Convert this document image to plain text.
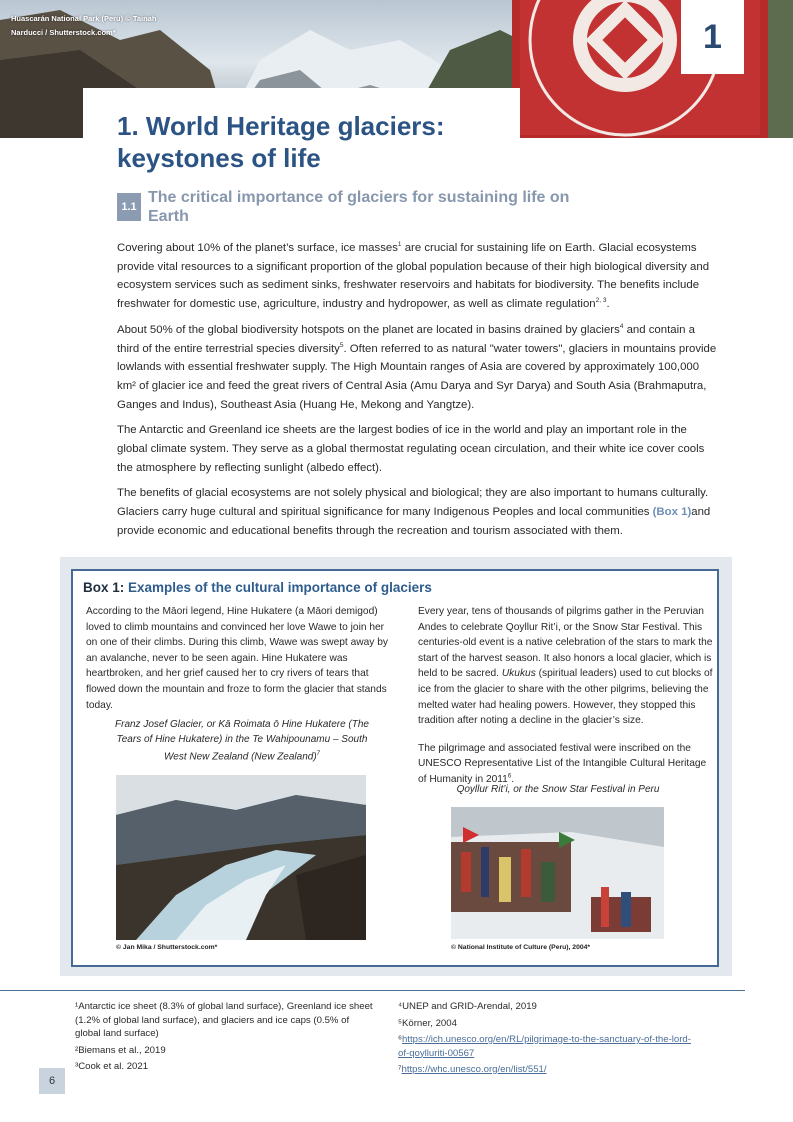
Huascarán National Park (Peru) © Tainah Narducci / Shutterstock.com*	1
1. World Heritage glaciers:
keystones of life
1.1
The critical importance of glaciers for sustaining life on Earth

Covering about 10% of the planet’s surface, ice masses$^1$ are crucial for sustaining life on Earth. Glacial ecosystems provide vital resources to a significant proportion of the global population because of their high biological diversity and ecosystem services such as sediment sinks, freshwater reservoirs and habitats for biodiversity. The benefits include freshwater for domestic use, agriculture, industry and hydropower, as well as climate regulation$^{2, 3}$.

About 50% of the global biodiversity hotspots on the planet are located in basins drained by glaciers$^4$ and contain a third of the entire terrestrial species diversity$^5$. Often referred to as natural "water towers", glaciers in mountains provide lowlands with essential freshwater supply. The High Mountain ranges of Asia are covered by approximately 100,000 km² of glacier ice and feed the great rivers of Central Asia (Amu Darya and Syr Darya) and South Asia (Brahmaputra, Ganges and Indus), Southeast Asia (Huang He, Mekong and Yangtze).

The Antarctic and Greenland ice sheets are the largest bodies of ice in the world and play an important role in the global climate system. They serve as a global thermostat regulating ocean circulation, and their white ice cover cools the atmosphere by reflecting sunlight (albedo effect).

The benefits of glacial ecosystems are not solely physical and biological; they are also important to humans culturally. Glaciers carry huge cultural and spiritual significance for many Indigenous Peoples and local communities (Box 1)and provide economic and educational benefits through the recreation and tourism associated with them.

Box 1: Examples of the cultural importance of glaciers
According to the Māori legend, Hine Hukatere (a Māori demigod) loved to climb mountains and convinced her love Wawe to join her on one of their climbs. During this climb, Wawe was swept away by an avalanche, never to be seen again. Hine Hukatere was heartbroken, and her grief caused her to cry rivers of tears that flowed down the mountain and froze to form the glacier that stands today.
Franz Josef Glacier, or Kā Roimata ō Hine Hukatere (The Tears of Hine Hukatere) in the Te Wahipounamu – South West New Zealand (New Zealand)$^7$
© Jan Mika / Shutterstock.com*

Every year, tens of thousands of pilgrims gather in the Peruvian Andes to celebrate Qoyllur Rit’i, or the Snow Star Festival. This centuries-old event is a native celebration of the stars to mark the start of the harvest season. It also honors a local glacier, which is held to be sacred. Ukukus (spiritual leaders) used to cut blocks of ice from the glacier to share with the other pilgrims, believing the melted water had healing powers. However, they stopped this tradition after noting a decline in the glacier’s size.

The pilgrimage and associated festival were inscribed on the UNESCO Representative List of the Intangible Cultural Heritage of Humanity in 2011$^6$.

Qoyllur Rit’i, or the Snow Star Festival in Peru
© National Institute of Culture (Peru), 2004*
¹Antarctic ice sheet (8.3% of global land surface), Greenland ice sheet (1.2% of global land surface), and glaciers and ice caps (0.5% of global land surface)
²Biemans et al., 2019
³Cook et al. 2021
⁴UNEP and GRID-Arendal, 2019
⁵Körner, 2004
⁶https://ich.unesco.org/en/RL/pilgrimage-to-the-sanctuary-of-the-lord-of-qoylluriti-00567
⁷https://whc.unesco.org/en/list/551/
6
